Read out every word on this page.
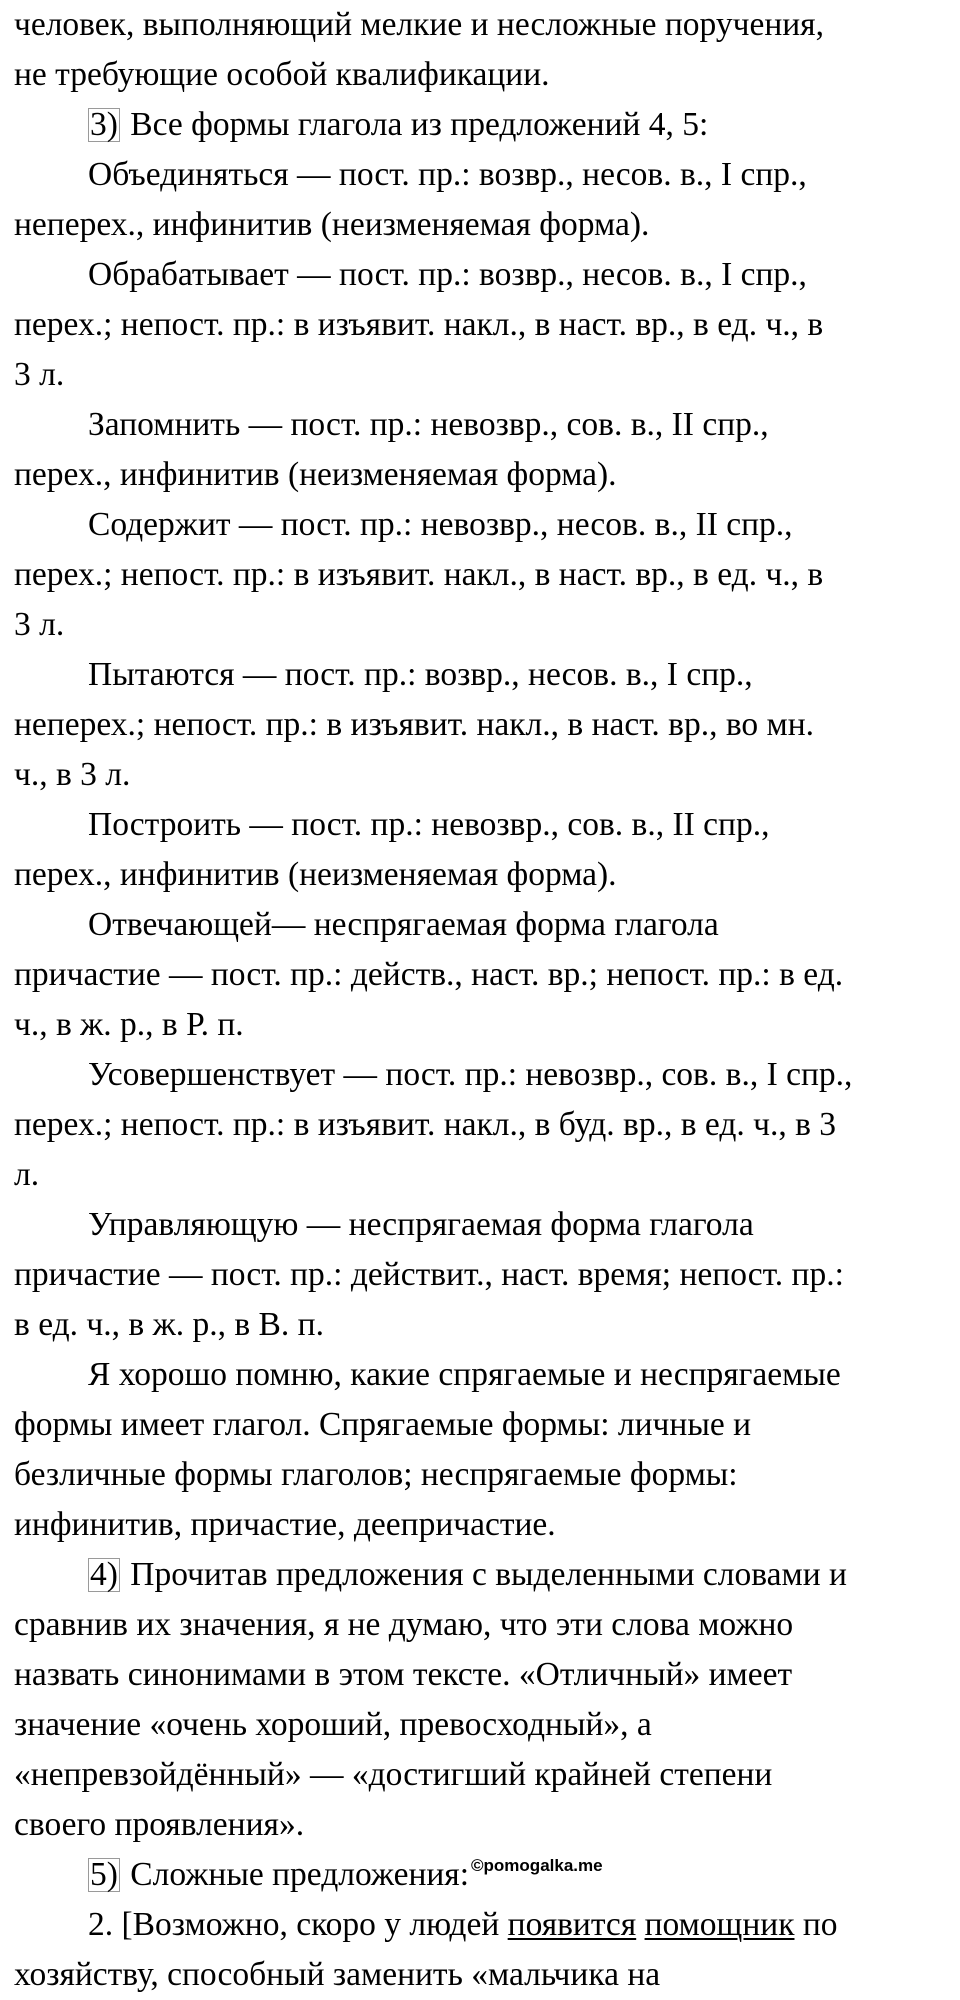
человек, выполняющий мелкие и несложные поручения,
не требующие особой квалификации.
3) Все формы глагола из предложений 4, 5:
Объединяться — пост. пр.: возвр., несов. в., I спр.,
неперех., инфинитив (неизменяемая форма).
Обрабатывает — пост. пр.: возвр., несов. в., I спр.,
перех.; непост. пр.: в изъявит. накл., в наст. вр., в ед. ч., в
3 л.
Запомнить — пост. пр.: невозвр., сов. в., II спр.,
перех., инфинитив (неизменяемая форма).
Содержит — пост. пр.: невозвр., несов. в., II спр.,
перех.; непост. пр.: в изъявит. накл., в наст. вр., в ед. ч., в
3 л.
Пытаются — пост. пр.: возвр., несов. в., I спр.,
неперех.; непост. пр.: в изъявит. накл., в наст. вр., во мн.
ч., в 3 л.
Построить — пост. пр.: невозвр., сов. в., II спр.,
перех., инфинитив (неизменяемая форма).
Отвечающей— неспрягаемая форма глагола
причастие — пост. пр.: действ., наст. вр.; непост. пр.: в ед.
ч., в ж. р., в Р. п.
Усовершенствует — пост. пр.: невозвр., сов. в., I спр.,
перех.; непост. пр.: в изъявит. накл., в буд. вр., в ед. ч., в 3
л.
Управляющую — неспрягаемая форма глагола
причастие — пост. пр.: действит., наст. время; непост. пр.:
в ед. ч., в ж. р., в В. п.
Я хорошо помню, какие спрягаемые и неспрягаемые
формы имеет глагол. Спрягаемые формы: личные и
безличные формы глаголов; неспрягаемые формы:
инфинитив, причастие, деепричастие.
4) Прочитав предложения с выделенными словами и
сравнив их значения, я не думаю, что эти слова можно
назвать синонимами в этом тексте. «Отличный» имеет
значение «очень хороший, превосходный», а
«непревзойдённый» — «достигший крайней степени
своего проявления».
5) Сложные предложения: ©pomogalka.me
2. [Возможно, скоро у людей появится помощник по
хозяйству, способный заменить «мальчика на
